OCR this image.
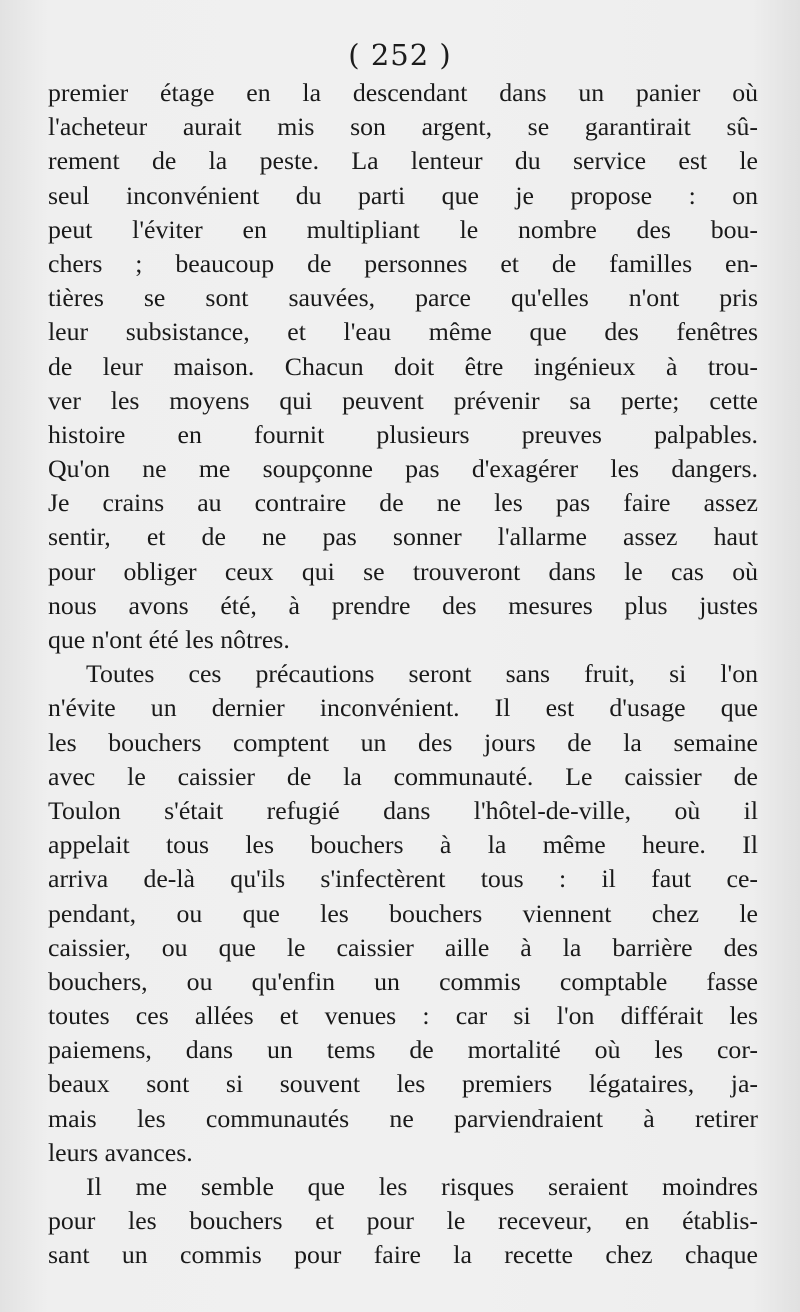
( 252 )
premier étage en la descendant dans un panier où
l'acheteur aurait mis son argent, se garantirait sû-
rement de la peste. La lenteur du service est le
seul inconvénient du parti que je propose : on
peut l'éviter en multipliant le nombre des bou-
chers ; beaucoup de personnes et de familles en-
tières se sont sauvées, parce qu'elles n'ont pris
leur subsistance, et l'eau même que des fenêtres
de leur maison. Chacun doit être ingénieux à trou-
ver les moyens qui peuvent prévenir sa perte; cette
histoire en fournit plusieurs preuves palpables.
Qu'on ne me soupçonne pas d'exagérer les dangers.
Je crains au contraire de ne les pas faire assez
sentir, et de ne pas sonner l'allarme assez haut
pour obliger ceux qui se trouveront dans le cas où
nous avons été, à prendre des mesures plus justes
que n'ont été les nôtres.
Toutes ces précautions seront sans fruit, si l'on
n'évite un dernier inconvénient. Il est d'usage que
les bouchers comptent un des jours de la semaine
avec le caissier de la communauté. Le caissier de
Toulon s'était refugié dans l'hôtel-de-ville, où il
appelait tous les bouchers à la même heure. Il
arriva de-là qu'ils s'infectèrent tous : il faut ce-
pendant, ou que les bouchers viennent chez le
caissier, ou que le caissier aille à la barrière des
bouchers, ou qu'enfin un commis comptable fasse
toutes ces allées et venues : car si l'on différait les
paiemens, dans un tems de mortalité où les cor-
beaux sont si souvent les premiers légataires, ja-
mais les communautés ne parviendraient à retirer
leurs avances.
Il me semble que les risques seraient moindres
pour les bouchers et pour le receveur, en établis-
sant un commis pour faire la recette chez chaque
